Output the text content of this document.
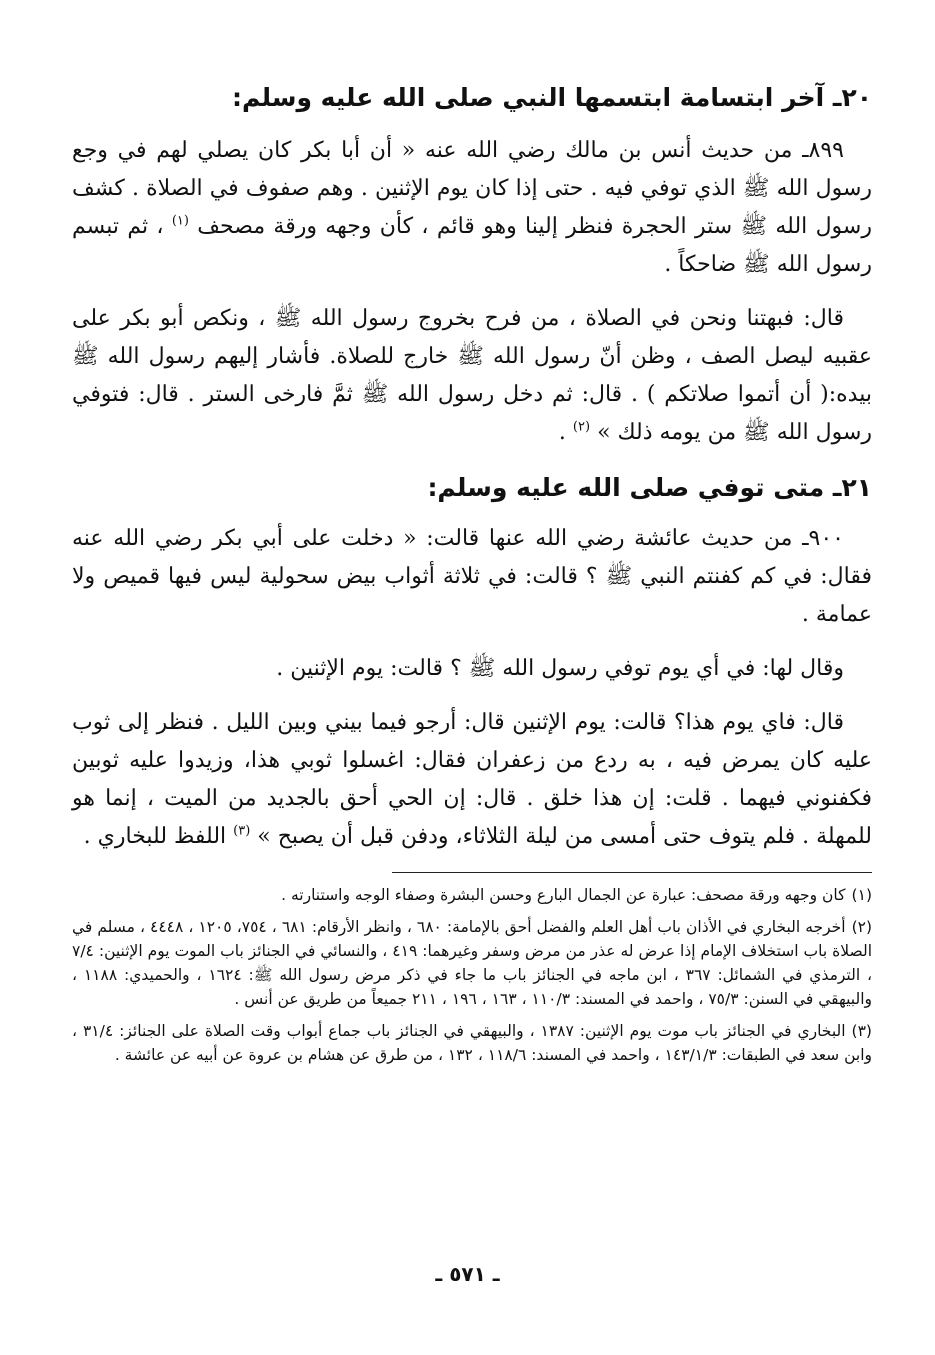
٢٠ـ آخر ابتسامة ابتسمها النبي صلى الله عليه وسلم:

٨٩٩ـ من حديث أنس بن مالك رضي الله عنه « أن أبا بكر كان يصلي لهم في وجع رسول الله ﷺ الذي توفي فيه . حتى إذا كان يوم الإثنين . وهم صفوف في الصلاة . كشف رسول الله ﷺ ستر الحجرة فنظر إلينا وهو قائم ، كأن وجهه ورقة مصحف $^{(١)}$ ، ثم تبسم رسول الله ﷺ ضاحكاً .

قال: فبهتنا ونحن في الصلاة ، من فرح بخروج رسول الله ﷺ ، ونكص أبو بكر على عقبيه ليصل الصف ، وظن أنّ رسول الله ﷺ خارج للصلاة. فأشار إليهم رسول الله ﷺ بيده:( أن أتموا صلاتكم ) . قال: ثم دخل رسول الله ﷺ ثمَّ فارخى الستر . قال: فتوفي رسول الله ﷺ من يومه ذلك » $^{(٢)}$ .

٢١ـ متى توفي صلى الله عليه وسلم:

٩٠٠ـ من حديث عائشة رضي الله عنها قالت: « دخلت على أبي بكر رضي الله عنه فقال: في كم كفنتم النبي ﷺ ؟ قالت: في ثلاثة أثواب بيض سحولية ليس فيها قميص ولا عمامة .

وقال لها: في أي يوم توفي رسول الله ﷺ ؟ قالت: يوم الإثنين .

قال: فاي يوم هذا؟ قالت: يوم الإثنين قال: أرجو فيما بيني وبين الليل . فنظر إلى ثوب عليه كان يمرض فيه ، به ردع من زعفران فقال: اغسلوا ثوبي هذا، وزيدوا عليه ثوبين فكفنوني فيهما . قلت: إن هذا خلق . قال: إن الحي أحق بالجديد من الميت ، إنما هو للمهلة . فلم يتوف حتى أمسى من ليلة الثلاثاء، ودفن قبل أن يصبح » $^{(٣)}$ اللفظ للبخاري .

(١)كان وجهه ورقة مصحف: عبارة عن الجمال البارع وحسن البشرة وصفاء الوجه واستنارته .

(٢)أخرجه البخاري في الأذان باب أهل العلم والفضل أحق بالإمامة: ٦٨٠ ، وانظر الأرقام: ٦٨١ ، ٧٥٤، ١٢٠٥ ، ٤٤٤٨ ، مسلم في الصلاة باب استخلاف الإمام إذا عرض له عذر من مرض وسفر وغيرهما: ٤١٩ ، والنسائي في الجنائز باب الموت يوم الإثنين: ٧/٤ ، الترمذي في الشمائل: ٣٦٧ ، ابن ماجه في الجنائز باب ما جاء في ذكر مرض رسول الله ﷺ: ١٦٢٤ ، والحميدي: ١١٨٨ ، والبيهقي في السنن: ٧٥/٣ ، واحمد في المسند: ١١٠/٣ ، ١٦٣ ، ١٩٦ ، ٢١١ جميعاً من طريق عن أنس .

(٣)البخاري في الجنائز باب موت يوم الإثنين: ١٣٨٧ ، والبيهقي في الجنائز باب جماع أبواب وقت الصلاة على الجنائز: ٣١/٤ ، وابن سعد في الطبقات: ١٤٣/١/٣ ، واحمد في المسند: ١١٨/٦ ، ١٣٢ ، من طرق عن هشام بن عروة عن أبيه عن عائشة .

ـ ٥٧١ ـ
